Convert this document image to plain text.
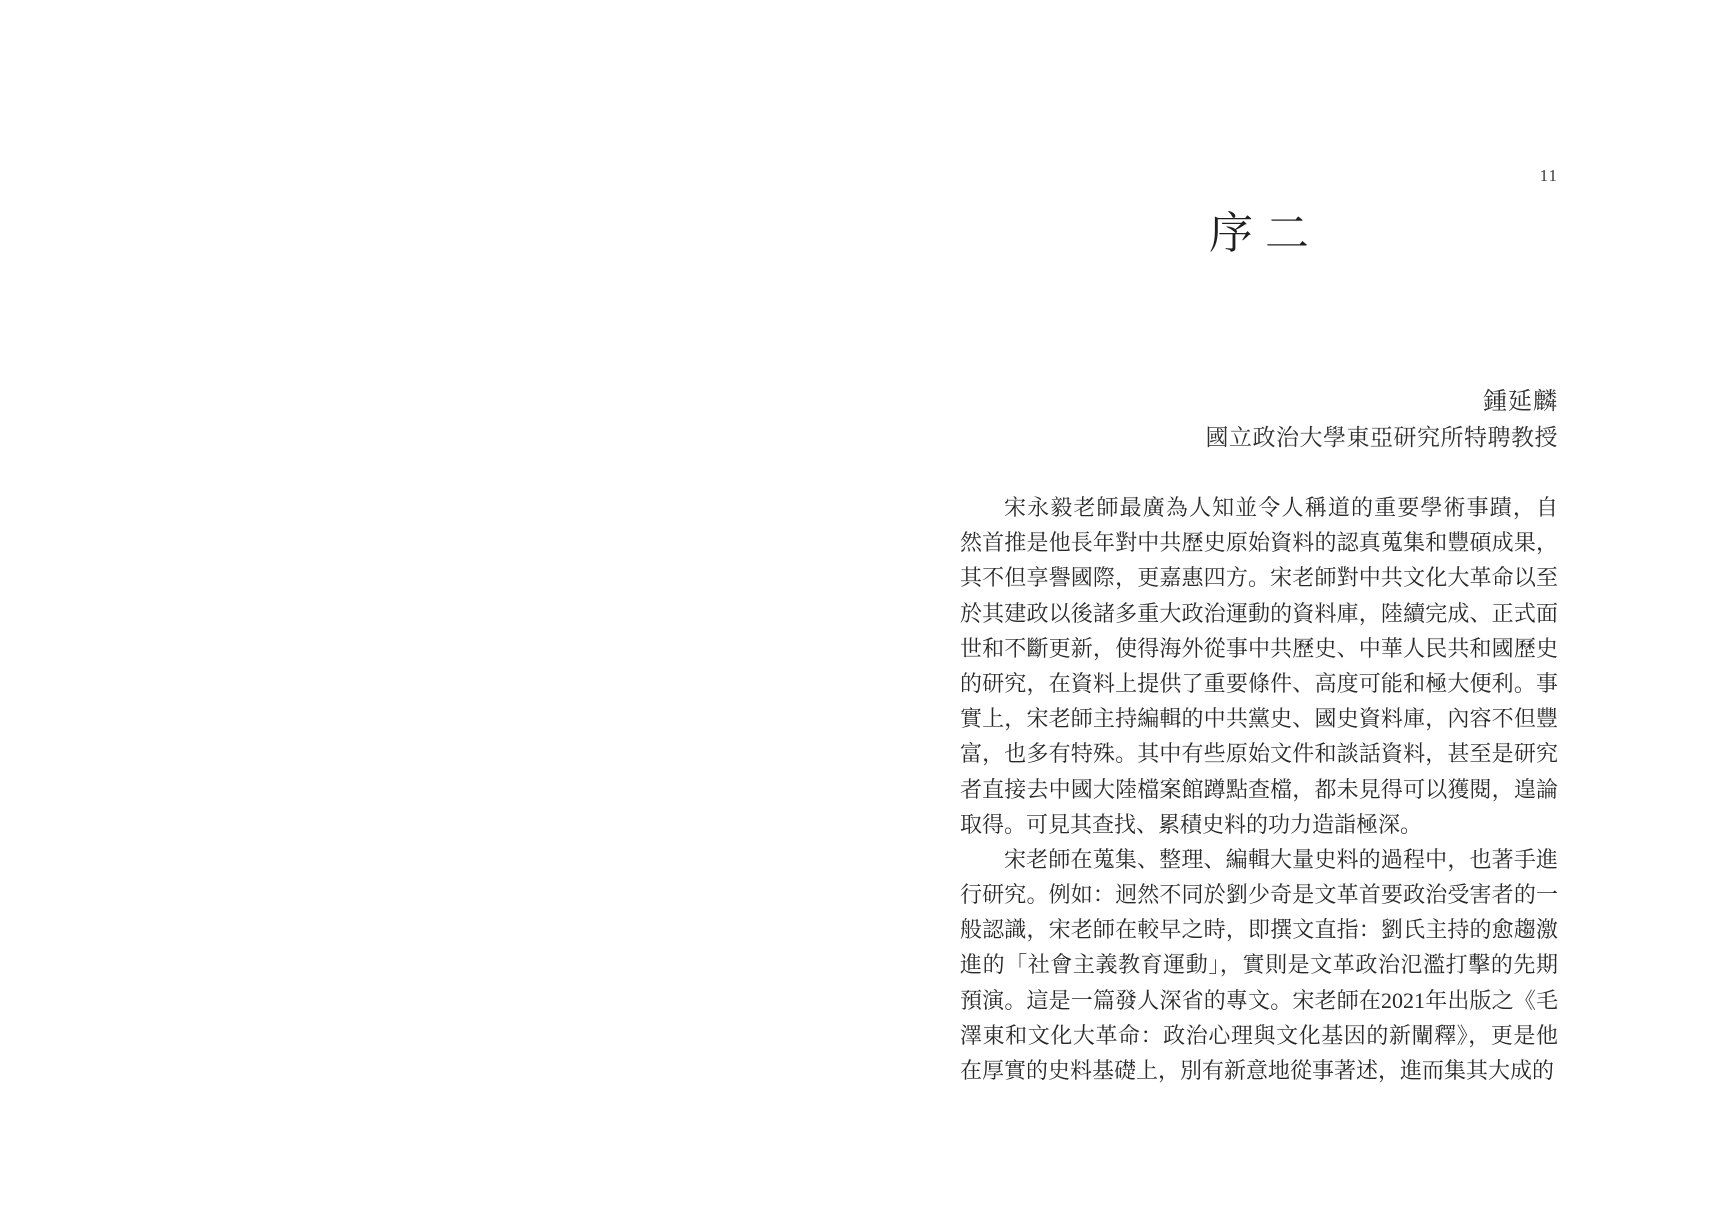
11
序二
鍾延麟
國立政治大學東亞研究所特聘教授
宋永毅老師最廣為人知並令人稱道的重要學術事蹟，自
然首推是他長年對中共歷史原始資料的認真蒐集和豐碩成果，
其不但享譽國際，更嘉惠四方。宋老師對中共文化大革命以至
於其建政以後諸多重大政治運動的資料庫，陸續完成、正式面
世和不斷更新，使得海外從事中共歷史、中華人民共和國歷史
的研究，在資料上提供了重要條件、高度可能和極大便利。事
實上，宋老師主持編輯的中共黨史、國史資料庫，內容不但豐
富，也多有特殊。其中有些原始文件和談話資料，甚至是研究
者直接去中國大陸檔案館蹲點查檔，都未見得可以獲閱，遑論
取得。可見其查找、累積史料的功力造詣極深。
宋老師在蒐集、整理、編輯大量史料的過程中，也著手進
行研究。例如：迥然不同於劉少奇是文革首要政治受害者的一
般認識，宋老師在較早之時，即撰文直指：劉氏主持的愈趨激
進的「社會主義教育運動」，實則是文革政治氾濫打擊的先期
預演。這是一篇發人深省的專文。宋老師在2021年出版之《毛
澤東和文化大革命：政治心理與文化基因的新闡釋》，更是他
在厚實的史料基礎上，別有新意地從事著述，進而集其大成的
